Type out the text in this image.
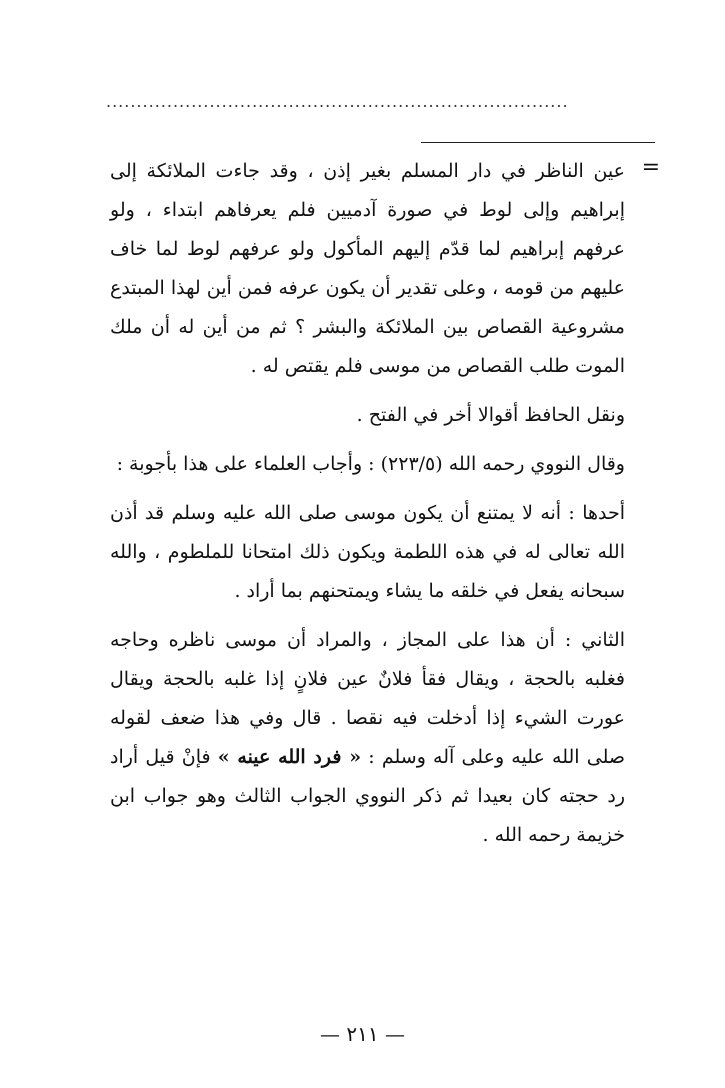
............................................................................
=

عين الناظر في دار المسلم بغير إذن ، وقد جاءت الملائكة إلى إبراهيم وإلى لوط في صورة آدميين فلم يعرفاهم ابتداء ، ولو عرفهم إبراهيم لما قدّم إليهم المأكول ولو عرفهم لوط لما خاف عليهم من قومه ، وعلى تقدير أن يكون عرفه فمن أين لهذا المبتدع مشروعية القصاص بين الملائكة والبشر ؟ ثم من أين له أن ملك الموت طلب القصاص من موسى فلم يقتص له .

ونقل الحافظ أقوالا أخر في الفتح .

وقال النووي رحمه الله (٢٢٣/٥) : وأجاب العلماء على هذا بأجوبة :

أحدها : أنه لا يمتنع أن يكون موسى صلى الله عليه وسلم قد أذن الله تعالى له في هذه اللطمة ويكون ذلك امتحانا للملطوم ، والله سبحانه يفعل في خلقه ما يشاء ويمتحنهم بما أراد .

الثاني : أن هذا على المجاز ، والمراد أن موسى ناظره وحاجه فغلبه بالحجة ، ويقال فقأ فلانٌ عين فلانٍ إذا غلبه بالحجة ويقال عورت الشيء إذا أدخلت فيه نقصا . قال وفي هذا ضعف لقوله صلى الله عليه وعلى آله وسلم : « فرد الله عينه » فإنْ قيل أراد رد حجته كان بعيدا ثم ذكر النووي الجواب الثالث وهو جواب ابن خزيمة رحمه الله .

— ٢١١ —
